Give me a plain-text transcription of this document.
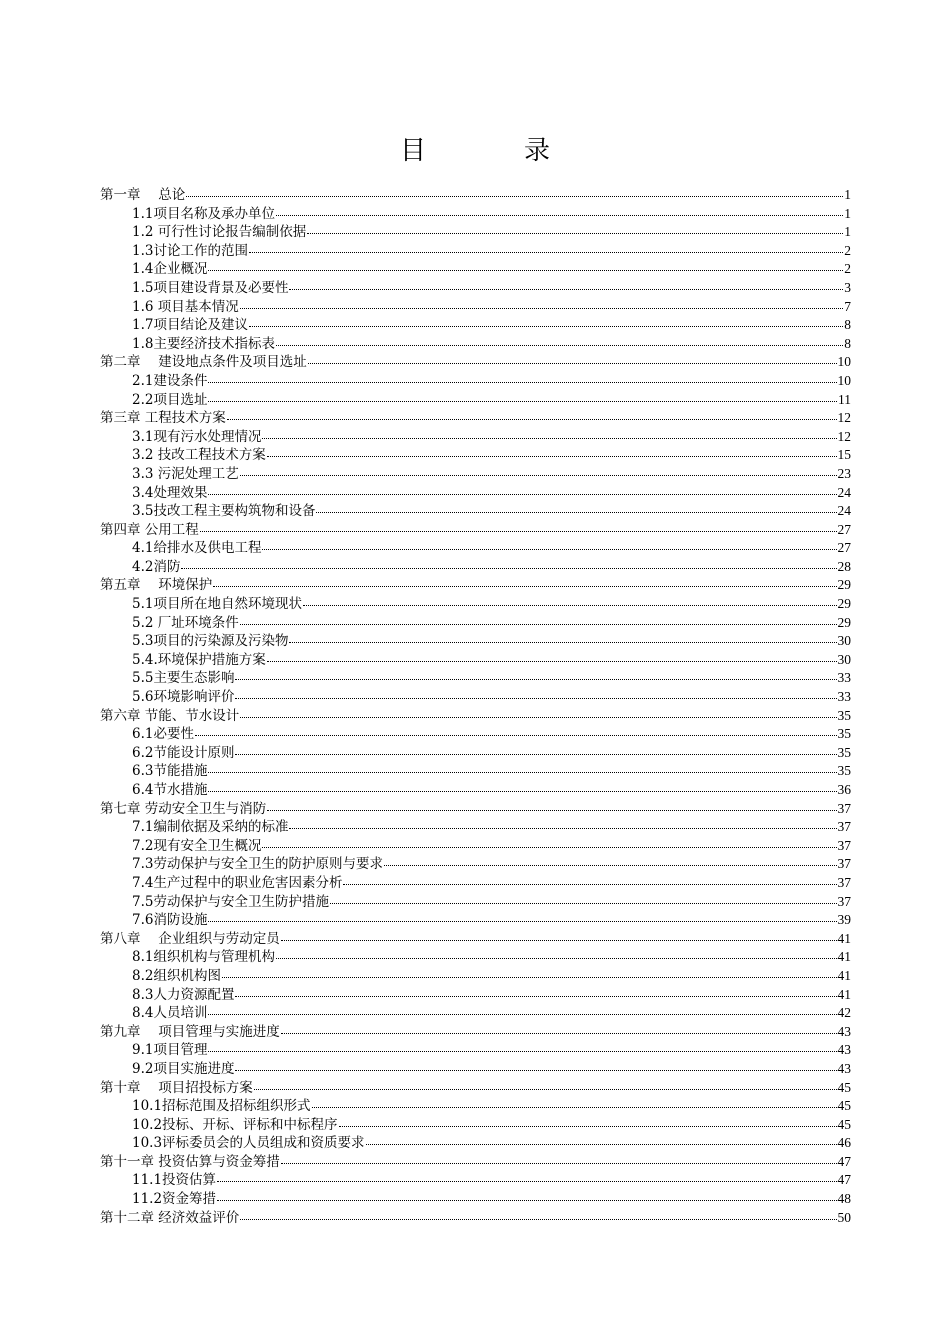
目　录
第一章　 总论	1
1.1项目名称及承办单位	1
1.2 可行性讨论报告编制依据	1
1.3讨论工作的范围	2
1.4企业概况	2
1.5项目建设背景及必要性	3
1.6 项目基本情况	7
1.7项目结论及建议	8
1.8主要经济技术指标表	8
第二章　 建设地点条件及项目选址	10
2.1建设条件	10
2.2项目选址	11
第三章 工程技术方案	12
3.1现有污水处理情况	12
3.2 技改工程技术方案	15
3.3 污泥处理工艺	23
3.4处理效果	24
3.5技改工程主要构筑物和设备	24
第四章 公用工程	27
4.1给排水及供电工程	27
4.2消防	28
第五章　 环境保护	29
5.1项目所在地自然环境现状	29
5.2 厂址环境条件	29
5.3项目的污染源及污染物	30
5.4.环境保护措施方案	30
5.5主要生态影响	33
5.6环境影响评价	33
第六章 节能、节水设计	35
6.1必要性	35
6.2节能设计原则	35
6.3节能措施	35
6.4节水措施	36
第七章 劳动安全卫生与消防	37
7.1编制依据及采纳的标准	37
7.2现有安全卫生概况	37
7.3劳动保护与安全卫生的防护原则与要求	37
7.4生产过程中的职业危害因素分析	37
7.5劳动保护与安全卫生防护措施	37
7.6消防设施	39
第八章　 企业组织与劳动定员	41
8.1组织机构与管理机构	41
8.2组织机构图	41
8.3人力资源配置	41
8.4人员培训	42
第九章　 项目管理与实施进度	43
9.1项目管理	43
9.2项目实施进度	43
第十章　 项目招投标方案	45
10.1招标范围及招标组织形式	45
10.2投标、开标、评标和中标程序	45
10.3评标委员会的人员组成和资质要求	46
第十一章 投资估算与资金筹措	47
11.1投资估算	47
11.2资金筹措	48
第十二章 经济效益评价	50
